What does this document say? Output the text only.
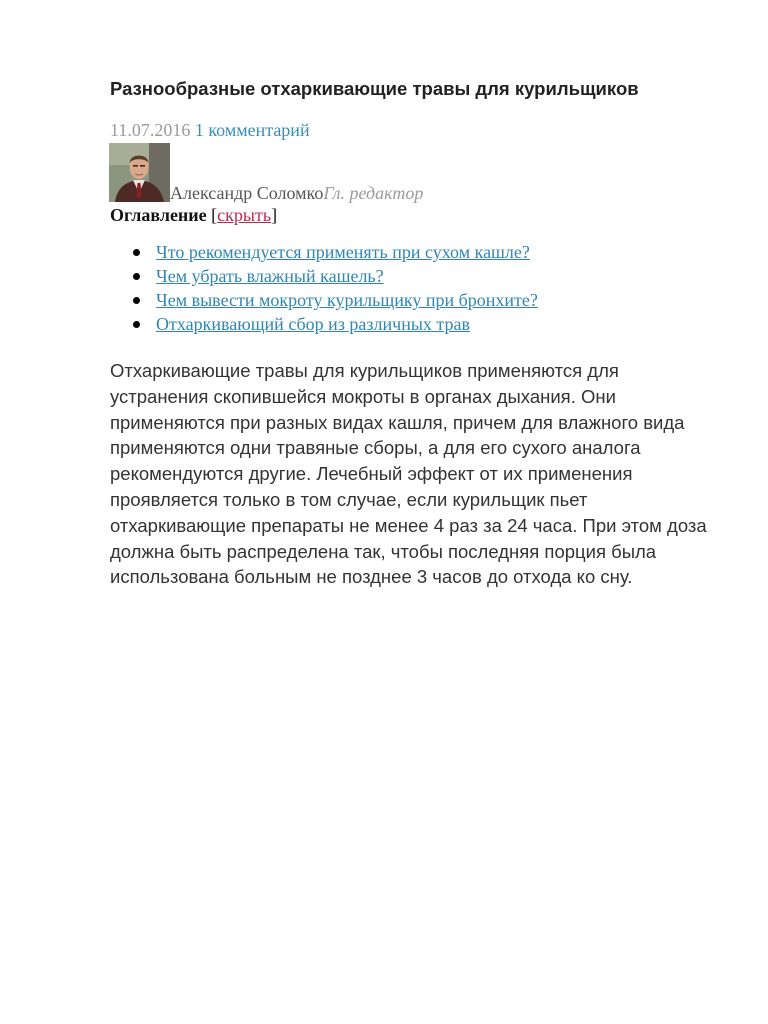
Разнообразные отхаркивающие травы для курильщиков
11.07.2016 1 комментарий
Александр Соломко Гл. редактор
Оглавление [скрыть]
Что рекомендуется применять при сухом кашле?
Чем убрать влажный кашель?
Чем вывести мокроту курильщику при бронхите?
Отхаркивающий сбор из различных трав

Отхаркивающие травы для курильщиков применяются для устранения скопившейся мокроты в органах дыхания. Они применяются при разных видах кашля, причем для влажного вида применяются одни травяные сборы, а для его сухого аналога рекомендуются другие. Лечебный эффект от их применения проявляется только в том случае, если курильщик пьет отхаркивающие препараты не менее 4 раз за 24 часа. При этом доза должна быть распределена так, чтобы последняя порция была использована больным не позднее 3 часов до отхода ко сну.
